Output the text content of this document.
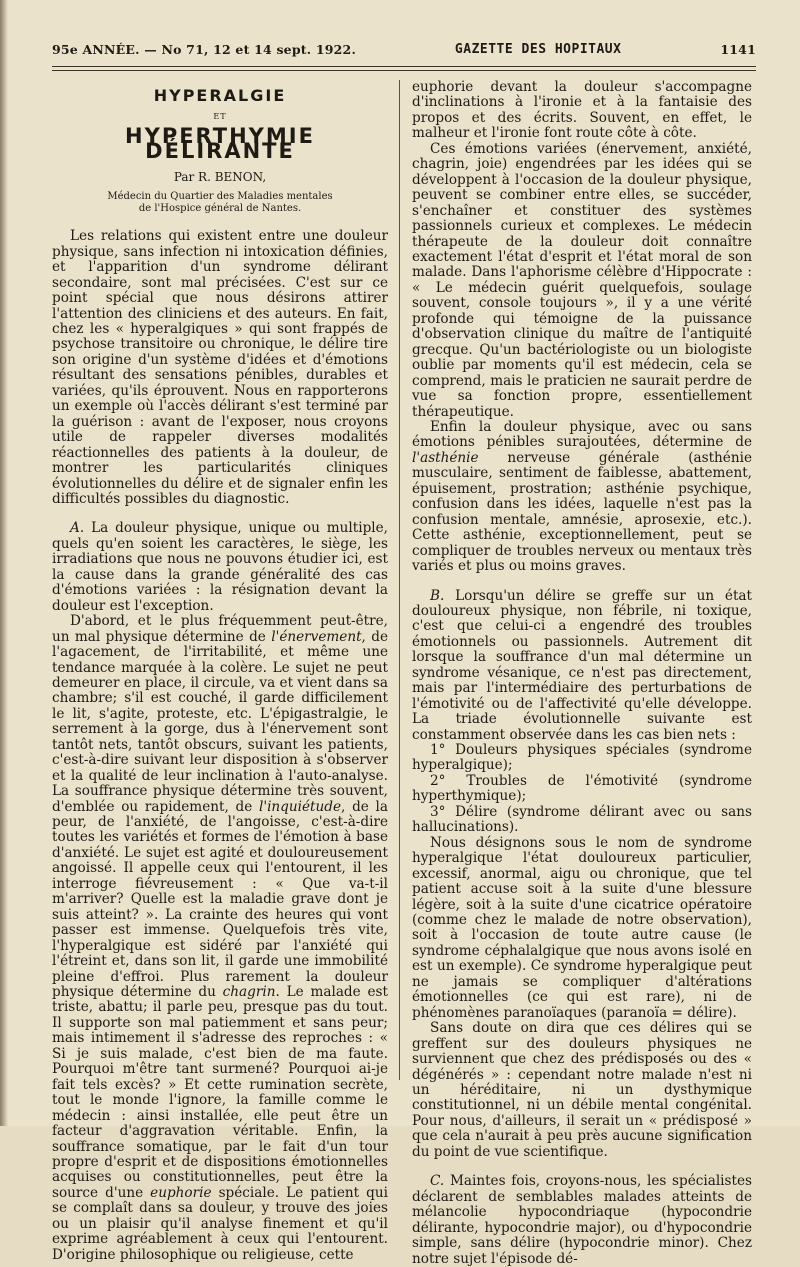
95e ANNÉE. — No 71, 12 et 14 sept. 1922.	GAZETTE DES HOPITAUX	1141
HYPERALGIE
ET
HYPERTHYMIE DÉLIRANTE
Par R. BENON,
Médecin du Quartier des Maladies mentales
de l'Hospice général de Nantes.

Les relations qui existent entre une douleur physique, sans infection ni intoxication définies, et l'apparition d'un syndrome délirant secondaire, sont mal précisées. C'est sur ce point spécial que nous désirons attirer l'attention des cliniciens et des auteurs. En fait, chez les « hyperalgiques » qui sont frappés de psychose transitoire ou chronique, le délire tire son origine d'un système d'idées et d'émotions résultant des sensations pénibles, durables et variées, qu'ils éprouvent. Nous en rapporterons un exemple où l'accès délirant s'est terminé par la guérison : avant de l'exposer, nous croyons utile de rappeler diverses modalités réactionnelles des patients à la douleur, de montrer les particularités cliniques évolutionnelles du délire et de signaler enfin les difficultés possibles du diagnostic.

A. La douleur physique, unique ou multiple, quels qu'en soient les caractères, le siège, les irradiations que nous ne pouvons étudier ici, est la cause dans la grande généralité des cas d'émotions variées : la résignation devant la douleur est l'exception.

D'abord, et le plus fréquemment peut-être, un mal physique détermine de l'énervement, de l'agacement, de l'irritabilité, et même une tendance marquée à la colère. Le sujet ne peut demeurer en place, il circule, va et vient dans sa chambre; s'il est couché, il garde difficilement le lit, s'agite, proteste, etc. L'épigastralgie, le serrement à la gorge, dus à l'énervement sont tantôt nets, tantôt obscurs, suivant les patients, c'est-à-dire suivant leur disposition à s'observer et la qualité de leur inclination à l'auto-analyse. La souffrance physique détermine très souvent, d'emblée ou rapidement, de l'inquiétude, de la peur, de l'anxiété, de l'angoisse, c'est-à-dire toutes les variétés et formes de l'émotion à base d'anxiété. Le sujet est agité et douloureusement angoissé. Il appelle ceux qui l'entourent, il les interroge fiévreusement : « Que va-t-il m'arriver? Quelle est la maladie grave dont je suis atteint? ». La crainte des heures qui vont passer est immense. Quelquefois très vite, l'hyperalgique est sidéré par l'anxiété qui l'étreint et, dans son lit, il garde une immobilité pleine d'effroi. Plus rarement la douleur physique détermine du chagrin. Le malade est triste, abattu; il parle peu, presque pas du tout. Il supporte son mal patiemment et sans peur; mais intimement il s'adresse des reproches : « Si je suis malade, c'est bien de ma faute. Pourquoi m'être tant surmené? Pourquoi ai-je fait tels excès? » Et cette rumination secrète, tout le monde l'ignore, la famille comme le médecin : ainsi installée, elle peut être un facteur d'aggravation véritable. Enfin, la souffrance somatique, par le fait d'un tour propre d'esprit et de dispositions émotionnelles acquises ou constitutionnelles, peut être la source d'une euphorie spéciale. Le patient qui se complaît dans sa douleur, y trouve des joies ou un plaisir qu'il analyse finement et qu'il exprime agréablement à ceux qui l'entourent. D'origine philosophique ou religieuse, cette

euphorie devant la douleur s'accompagne d'inclinations à l'ironie et à la fantaisie des propos et des écrits. Souvent, en effet, le malheur et l'ironie font route côte à côte.

Ces émotions variées (énervement, anxiété, chagrin, joie) engendrées par les idées qui se développent à l'occasion de la douleur physique, peuvent se combiner entre elles, se succéder, s'enchaîner et constituer des systèmes passionnels curieux et complexes. Le médecin thérapeute de la douleur doit connaître exactement l'état d'esprit et l'état moral de son malade. Dans l'aphorisme célèbre d'Hippocrate : « Le médecin guérit quelquefois, soulage souvent, console toujours », il y a une vérité profonde qui témoigne de la puissance d'observation clinique du maître de l'antiquité grecque. Qu'un bactériologiste ou un biologiste oublie par moments qu'il est médecin, cela se comprend, mais le praticien ne saurait perdre de vue sa fonction propre, essentiellement thérapeutique.

Enfin la douleur physique, avec ou sans émotions pénibles surajoutées, détermine de l'asthénie nerveuse générale (asthénie musculaire, sentiment de faiblesse, abattement, épuisement, prostration; asthénie psychique, confusion dans les idées, laquelle n'est pas la confusion mentale, amnésie, aprosexie, etc.). Cette asthénie, exceptionnellement, peut se compliquer de troubles nerveux ou mentaux très variés et plus ou moins graves.

B. Lorsqu'un délire se greffe sur un état douloureux physique, non fébrile, ni toxique, c'est que celui-ci a engendré des troubles émotionnels ou passionnels. Autrement dit lorsque la souffrance d'un mal détermine un syndrome vésanique, ce n'est pas directement, mais par l'intermédiaire des perturbations de l'émotivité ou de l'affectivité qu'elle développe. La triade évolutionnelle suivante est constamment observée dans les cas bien nets :

1° Douleurs physiques spéciales (syndrome hyperalgique);

2° Troubles de l'émotivité (syndrome hyperthymique);

3° Délire (syndrome délirant avec ou sans hallucinations).

Nous désignons sous le nom de syndrome hyperalgique l'état douloureux particulier, excessif, anormal, aigu ou chronique, que tel patient accuse soit à la suite d'une blessure légère, soit à la suite d'une cicatrice opératoire (comme chez le malade de notre observation), soit à l'occasion de toute autre cause (le syndrome céphalalgique que nous avons isolé en est un exemple). Ce syndrome hyperalgique peut ne jamais se compliquer d'altérations émotionnelles (ce qui est rare), ni de phénomènes paranoïaques (paranoïa = délire).

Sans doute on dira que ces délires qui se greffent sur des douleurs physiques ne surviennent que chez des prédisposés ou des « dégénérés » : cependant notre malade n'est ni un héréditaire, ni un dysthymique constitutionnel, ni un débile mental congénital. Pour nous, d'ailleurs, il serait un « prédisposé » que cela n'aurait à peu près aucune signification du point de vue scientifique.

C. Maintes fois, croyons-nous, les spécialistes déclarent de semblables malades atteints de mélancolie hypocondriaque (hypocondrie délirante, hypocondrie major), ou d'hypocondrie simple, sans délire (hypocondrie minor). Chez notre sujet l'épisode dé-
